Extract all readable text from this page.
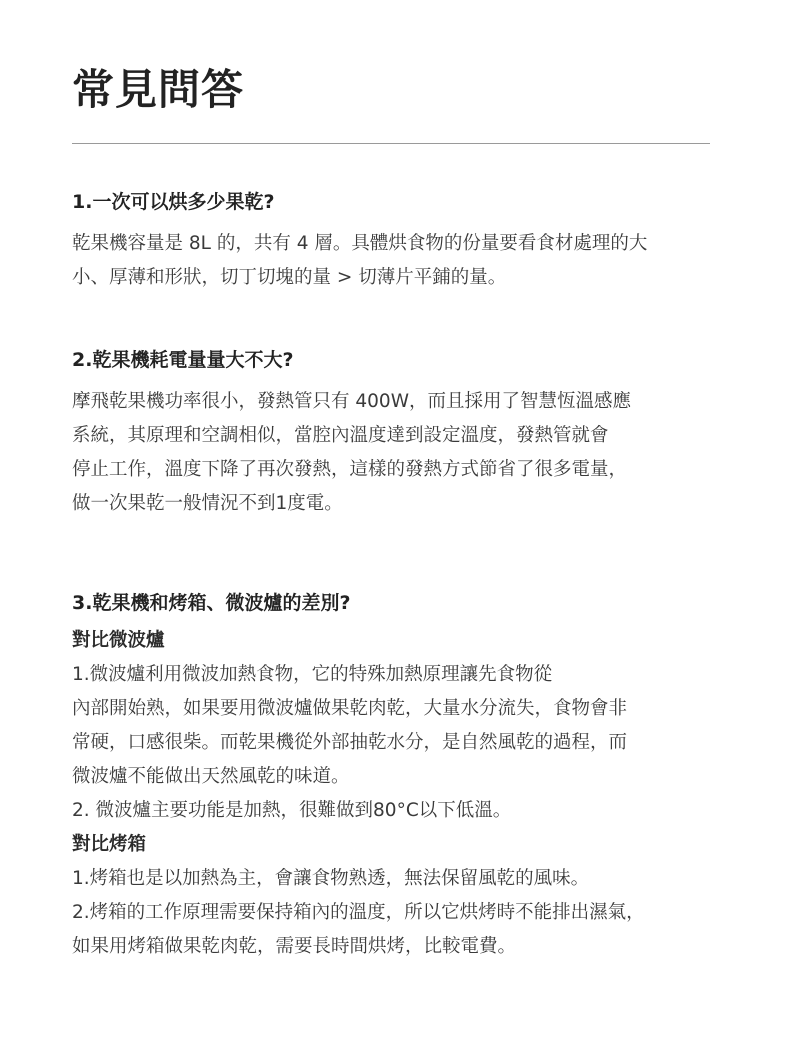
常見問答
1.一次可以烘多少果乾?

乾果機容量是 8L 的，共有 4 層。具體烘食物的份量要看食材處理的大

小、厚薄和形狀，切丁切塊的量 > 切薄片平鋪的量。

2.乾果機耗電量量大不大?

摩飛乾果機功率很小，發熱管只有 400W，而且採用了智慧恆溫感應

系統，其原理和空調相似，當腔內溫度達到設定溫度，發熱管就會

停止工作，溫度下降了再次發熱，這樣的發熱方式節省了很多電量，

做一次果乾一般情況不到1度電。

3.乾果機和烤箱、微波爐的差別?
對比微波爐

1.微波爐利用微波加熱食物，它的特殊加熱原理讓先食物從

內部開始熟，如果要用微波爐做果乾肉乾，大量水分流失，食物會非

常硬，口感很柴。而乾果機從外部抽乾水分，是自然風乾的過程，而

微波爐不能做出天然風乾的味道。

2. 微波爐主要功能是加熱，很難做到80°C以下低溫。

對比烤箱

1.烤箱也是以加熱為主，會讓食物熟透，無法保留風乾的風味。

2.烤箱的工作原理需要保持箱內的溫度，所以它烘烤時不能排出濕氣，

如果用烤箱做果乾肉乾，需要長時間烘烤，比較電費。
